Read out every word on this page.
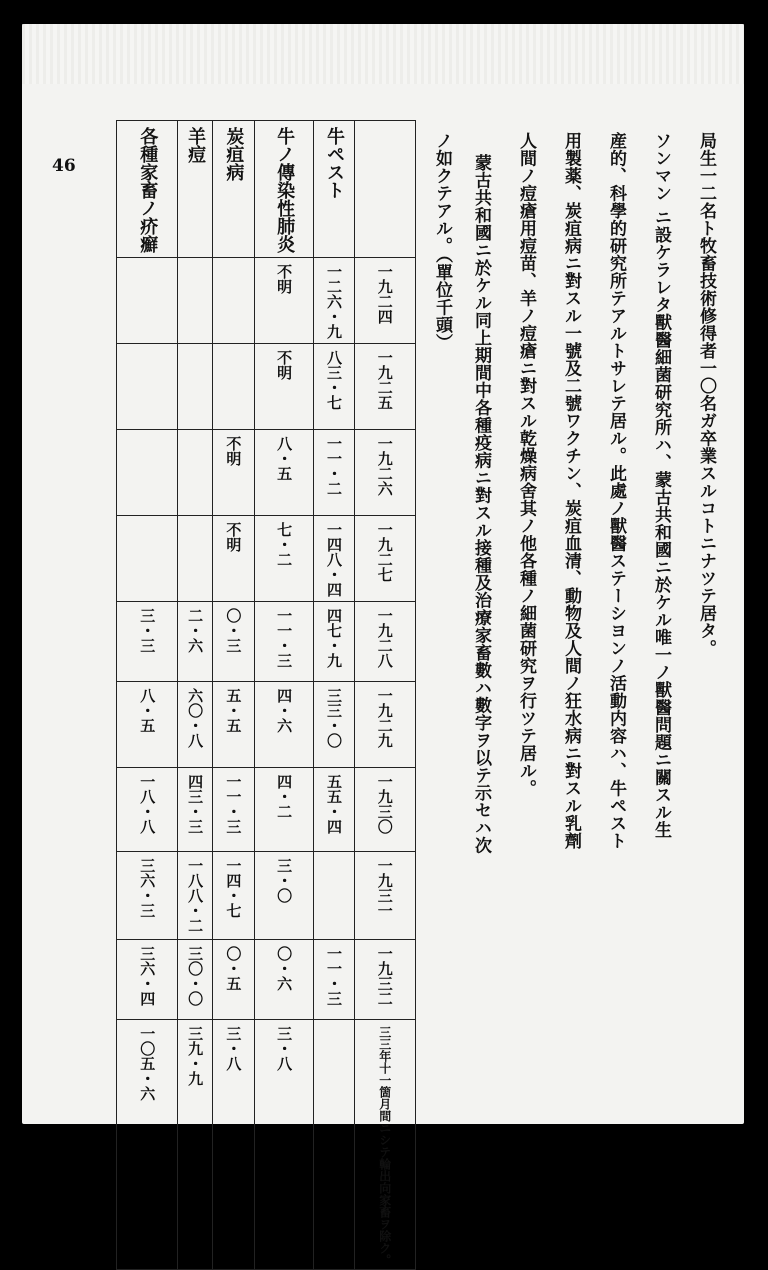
46	局生一二名ト牧畜技術修得者一〇名ガ卒業スルコトニナツテ居タ。
ソンマン ニ設ケラレタ獸醫細菌研究所ハ、蒙古共和國ニ於ケル唯一ノ獸醫問題ニ關スル生
産的、科學的研究所テアルトサレテ居ル。此處ノ獸醫ステーシヨンノ活動内容ハ、牛ペスト
用製薬、炭疽病ニ對スル一號及二號ワクチン、炭疽血清、動物及人間ノ狂水病ニ對スル乳劑
人間ノ痘瘡用痘苗、羊ノ痘瘡ニ對スル乾燥病舍其ノ他各種ノ細菌研究ヲ行ツテ居ル。
蒙古共和國ニ於ケル同上期間中各種疫病ニ對スル接種及治療家畜數ハ數字ヲ以テ示セハ次
ノ如クテアル。（單位千頭）
各種家畜ノ疥癬	羊痘	炭疽病	牛ノ傳染性肺炎	牛ペスト	
			不明	一二六・九	一九二四
			不明	八三・七	一九二五
		不明	八・五	一一・二	一九二六
		不明	七・二	一四八・四	一九二七
三・三	二・六	〇・三	一一・三	四七・九	一九二八
八・五	六〇・八	五・五	四・六	三三・〇	一九二九
一八・八	四三・三	一一・三	四・二	五五・四	一九三〇
三六・三	一八八・二	一四・七	三・〇		一九三一
三六・四	三〇・〇	〇・五	〇・六	一一・三	一九三二
一〇五・六	三九・九	三・八	三・八		三三年十一箇月間ニシテ輪出向家畜ヲ除ク。
